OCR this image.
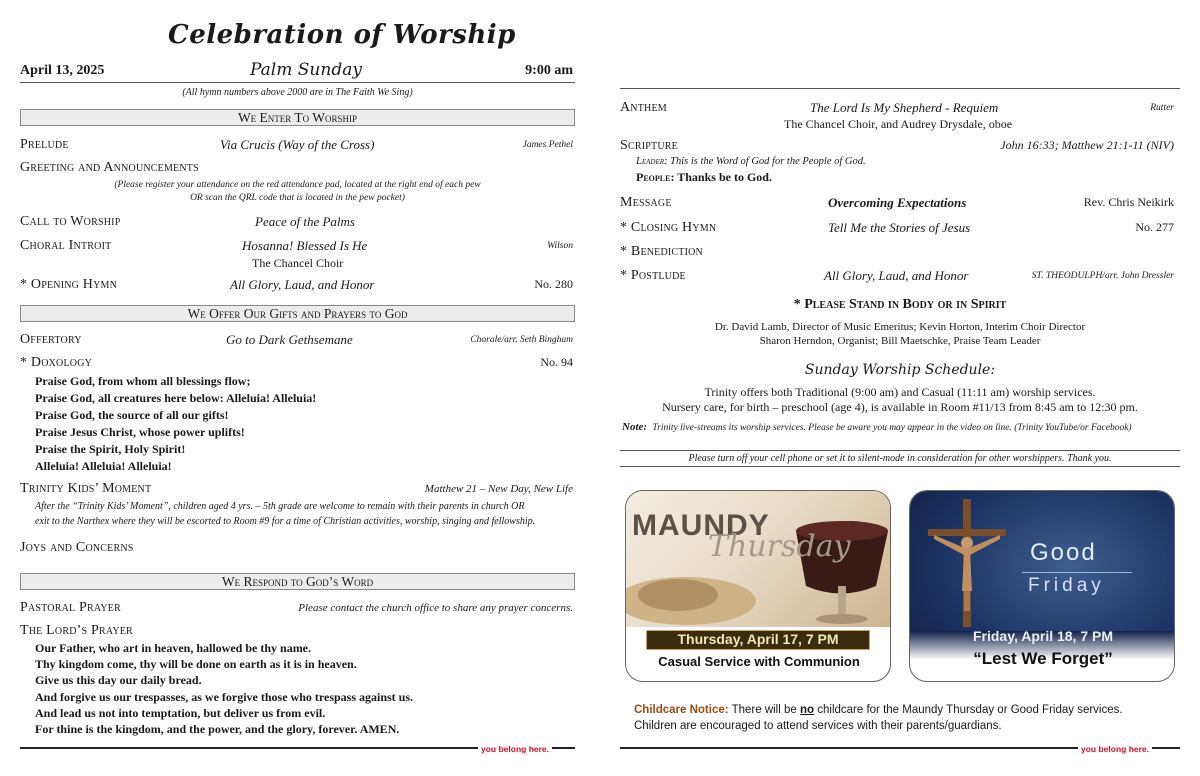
Celebration of Worship
April 13, 2025	Palm Sunday	9:00 am
(All hymn numbers above 2000 are in The Faith We Sing)
We Enter To Worship
Prelude	Via Crucis (Way of the Cross)	James Pethel
Greeting and Announcements
(Please register your attendance on the red attendance pad, located at the right end of each pew
OR scan the QRL code that is located in the pew pocket)
Call to Worship	Peace of the Palms
Choral Introit	Hosanna! Blessed Is He	Wilson
The Chancel Choir
* Opening Hymn	All Glory, Laud, and Honor	No. 280
We Offer Our Gifts and Prayers to God
Offertory	Go to Dark Gethsemane	Chorale/arr. Seth Bingham
* Doxology	No. 94
Praise God, from whom all blessings flow;
Praise God, all creatures here below: Alleluia! Alleluia!
Praise God, the source of all our gifts!
Praise Jesus Christ, whose power uplifts!
Praise the Spirit, Holy Spirit!
Alleluia! Alleluia! Alleluia!
Trinity Kids’ Moment	Matthew 21 – New Day, New Life
After the “Trinity Kids’ Moment”, children aged 4 yrs. – 5th grade are welcome to remain with their parents in church OR
exit to the Narthex where they will be escorted to Room #9 for a time of Christian activities, worship, singing and fellowship.
Joys and Concerns
We Respond to God’s Word
Pastoral Prayer	Please contact the church office to share any prayer concerns.
The Lord’s Prayer
Our Father, who art in heaven, hallowed be thy name.
Thy kingdom come, thy will be done on earth as it is in heaven.
Give us this day our daily bread.
And forgive us our trespasses, as we forgive those who trespass against us.
And lead us not into temptation, but deliver us from evil.
For thine is the kingdom, and the power, and the glory, forever. AMEN.
you belong here.
Anthem	The Lord Is My Shepherd - Requiem	Rutter
The Chancel Choir, and Audrey Drysdale, oboe
Scripture	John 16:33; Matthew 21:1-11 (NIV)
Leader: This is the Word of God for the People of God.
People: Thanks be to God.
Message	Overcoming Expectations	Rev. Chris Neikirk
* Closing Hymn	Tell Me the Stories of Jesus	No. 277
* Benediction
* Postlude	All Glory, Laud, and Honor	ST. THEODULPH/arr. John Dressler
* Please Stand in Body or in Spirit
Dr. David Lamb, Director of Music Emeritus; Kevin Horton, Interim Choir Director
Sharon Herndon, Organist; Bill Maetschke, Praise Team Leader
Sunday Worship Schedule:
Trinity offers both Traditional (9:00 am) and Casual (11:11 am) worship services.
Nursery care, for birth – preschool (age 4), is available in Room #11/13 from 8:45 am to 12:30 pm.
Note: Trinity live-streams its worship services. Please be aware you may appear in the video on line. (Trinity YouTube/or Facebook)
Please turn off your cell phone or set it to silent-mode in consideration for other worshippers. Thank you.
MAUNDY
Thursday
Thursday, April 17, 7 PM
Casual Service with Communion
Good
Friday
Friday, April 18, 7 PM
“Lest We Forget”
Childcare Notice: There will be no childcare for the Maundy Thursday or Good Friday services.
Children are encouraged to attend services with their parents/guardians.
you belong here.
